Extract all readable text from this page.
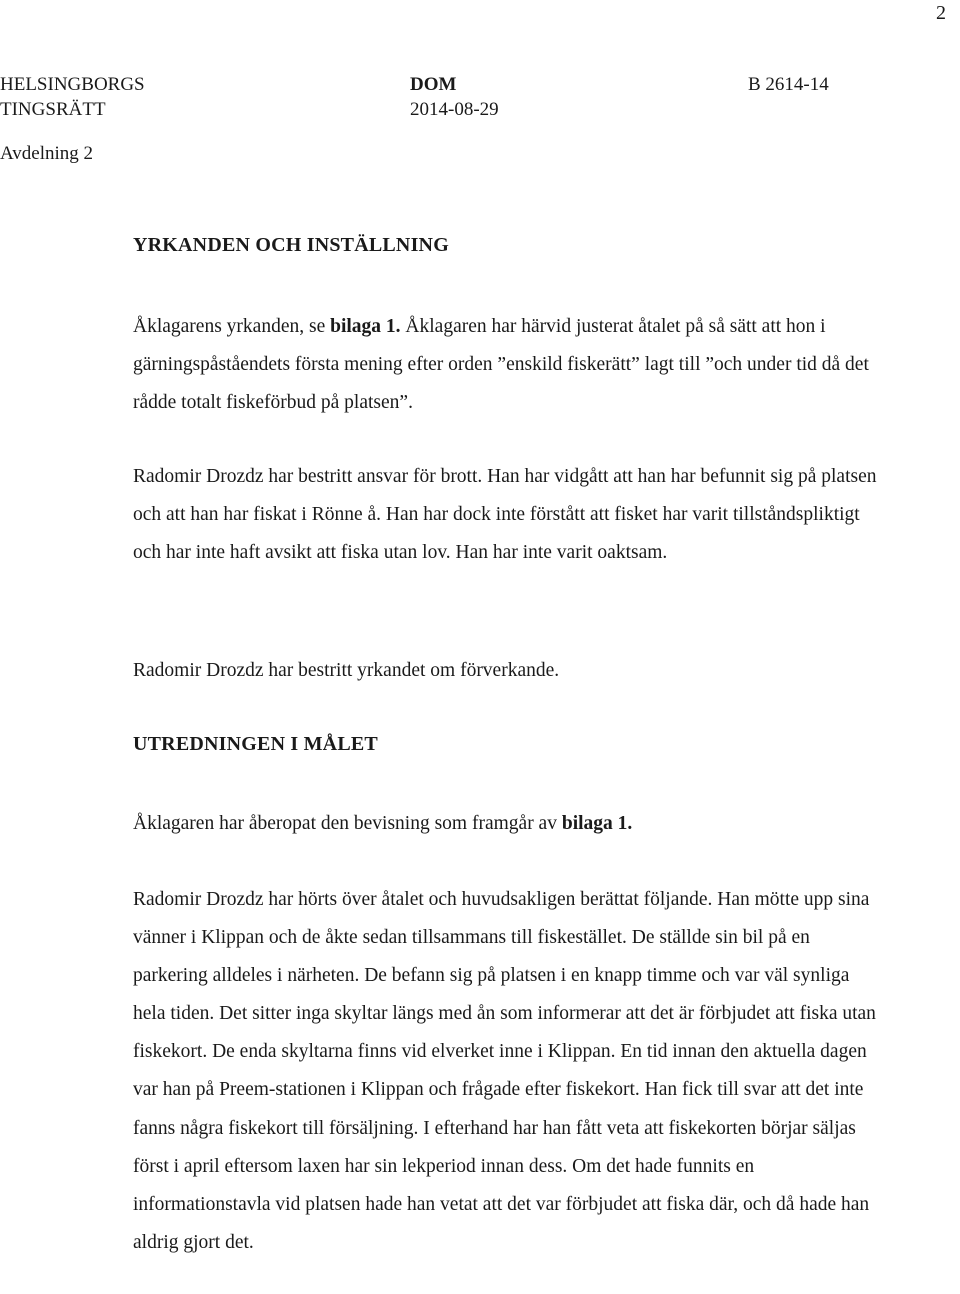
2
HELSINGBORGS
TINGSRÄTT
DOM
2014-08-29
B 2614-14
Avdelning 2
YRKANDEN OCH INSTÄLLNING

Åklagarens yrkanden, se bilaga 1. Åklagaren har härvid justerat åtalet på så sätt att hon i gärningspåståendets första mening efter orden ”enskild fiskerätt” lagt till ”och under tid då det rådde totalt fiskeförbud på platsen”.

Radomir Drozdz har bestritt ansvar för brott. Han har vidgått att han har befunnit sig på platsen och att han har fiskat i Rönne å. Han har dock inte förstått att fisket har varit tillståndspliktigt och har inte haft avsikt att fiska utan lov. Han har inte varit oaktsam.

Radomir Drozdz har bestritt yrkandet om förverkande.

UTREDNINGEN I MÅLET

Åklagaren har åberopat den bevisning som framgår av bilaga 1.

Radomir Drozdz har hörts över åtalet och huvudsakligen berättat följande. Han mötte upp sina vänner i Klippan och de åkte sedan tillsammans till fiskestället. De ställde sin bil på en parkering alldeles i närheten. De befann sig på platsen i en knapp timme och var väl synliga hela tiden. Det sitter inga skyltar längs med ån som informerar att det är förbjudet att fiska utan fiskekort. De enda skyltarna finns vid elverket inne i Klippan. En tid innan den aktuella dagen var han på Preem-stationen i Klippan och frågade efter fiskekort. Han fick till svar att det inte fanns några fiskekort till försäljning. I efterhand har han fått veta att fiskekorten börjar säljas först i april eftersom laxen har sin lekperiod innan dess. Om det hade funnits en informationstavla vid platsen hade han vetat att det var förbjudet att fiska där, och då hade han aldrig gjort det.
